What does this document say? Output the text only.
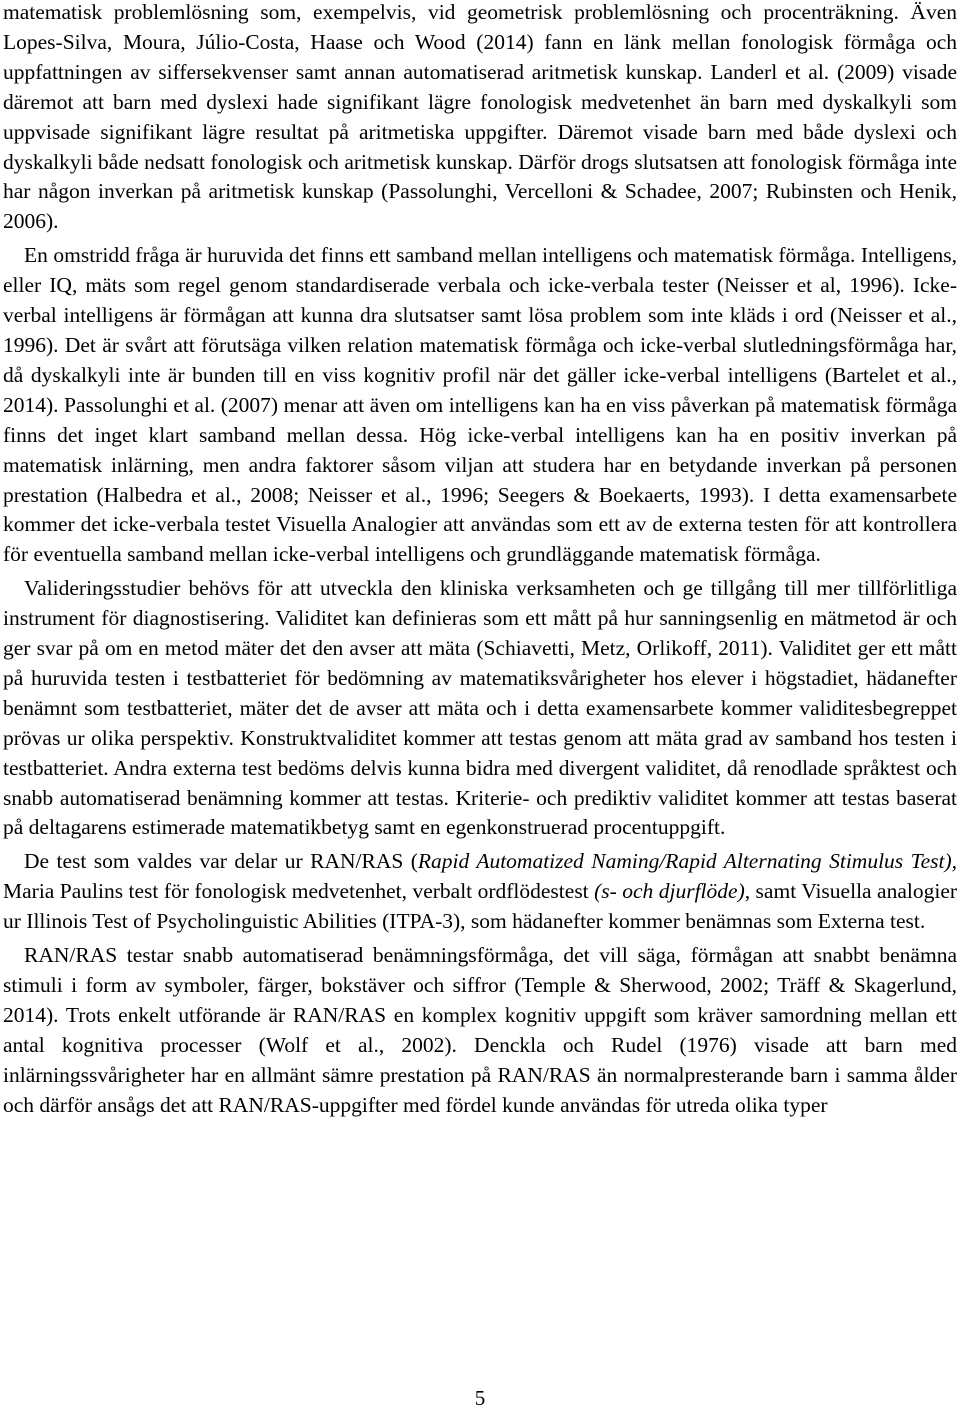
matematisk problemlösning som, exempelvis, vid geometrisk problemlösning och procenträkning. Även Lopes-Silva, Moura, Júlio-Costa, Haase och Wood (2014) fann en länk mellan fonologisk förmåga och uppfattningen av siffersekvenser samt annan automatiserad aritmetisk kunskap. Landerl et al. (2009) visade däremot att barn med dyslexi hade signifikant lägre fonologisk medvetenhet än barn med dyskalkyli som uppvisade signifikant lägre resultat på aritmetiska uppgifter. Däremot visade barn med både dyslexi och dyskalkyli både nedsatt fonologisk och aritmetisk kunskap. Därför drogs slutsatsen att fonologisk förmåga inte har någon inverkan på aritmetisk kunskap (Passolunghi, Vercelloni & Schadee, 2007; Rubinsten och Henik, 2006).

En omstridd fråga är huruvida det finns ett samband mellan intelligens och matematisk förmåga. Intelligens, eller IQ, mäts som regel genom standardiserade verbala och icke-verbala tester (Neisser et al, 1996). Icke-verbal intelligens är förmågan att kunna dra slutsatser samt lösa problem som inte kläds i ord (Neisser et al., 1996). Det är svårt att förutsäga vilken relation matematisk förmåga och icke-verbal slutledningsförmåga har, då dyskalkyli inte är bunden till en viss kognitiv profil när det gäller icke-verbal intelligens (Bartelet et al., 2014). Passolunghi et al. (2007) menar att även om intelligens kan ha en viss påverkan på matematisk förmåga finns det inget klart samband mellan dessa. Hög icke-verbal intelligens kan ha en positiv inverkan på matematisk inlärning, men andra faktorer såsom viljan att studera har en betydande inverkan på personen prestation (Halbedra et al., 2008; Neisser et al., 1996; Seegers & Boekaerts, 1993). I detta examensarbete kommer det icke-verbala testet Visuella Analogier att användas som ett av de externa testen för att kontrollera för eventuella samband mellan icke-verbal intelligens och grundläggande matematisk förmåga.

Valideringsstudier behövs för att utveckla den kliniska verksamheten och ge tillgång till mer tillförlitliga instrument för diagnostisering. Validitet kan definieras som ett mått på hur sanningsenlig en mätmetod är och ger svar på om en metod mäter det den avser att mäta (Schiavetti, Metz, Orlikoff, 2011). Validitet ger ett mått på huruvida testen i testbatteriet för bedömning av matematiksvårigheter hos elever i högstadiet, hädanefter benämnt som testbatteriet, mäter det de avser att mäta och i detta examensarbete kommer validitesbegreppet prövas ur olika perspektiv. Konstruktvaliditet kommer att testas genom att mäta grad av samband hos testen i testbatteriet. Andra externa test bedöms delvis kunna bidra med divergent validitet, då renodlade språktest och snabb automatiserad benämning kommer att testas. Kriterie- och prediktiv validitet kommer att testas baserat på deltagarens estimerade matematikbetyg samt en egenkonstruerad procentuppgift.

De test som valdes var delar ur RAN/RAS (Rapid Automatized Naming/Rapid Alternating Stimulus Test), Maria Paulins test för fonologisk medvetenhet, verbalt ordflödestest (s- och djurflöde), samt Visuella analogier ur Illinois Test of Psycholinguistic Abilities (ITPA-3), som hädanefter kommer benämnas som Externa test.

RAN/RAS testar snabb automatiserad benämningsförmåga, det vill säga, förmågan att snabbt benämna stimuli i form av symboler, färger, bokstäver och siffror (Temple & Sherwood, 2002; Träff & Skagerlund, 2014). Trots enkelt utförande är RAN/RAS en komplex kognitiv uppgift som kräver samordning mellan ett antal kognitiva processer (Wolf et al., 2002). Denckla och Rudel (1976) visade att barn med inlärningssvårigheter har en allmänt sämre prestation på RAN/RAS än normalpresterande barn i samma ålder och därför ansågs det att RAN/RAS-uppgifter med fördel kunde användas för utreda olika typer

5
